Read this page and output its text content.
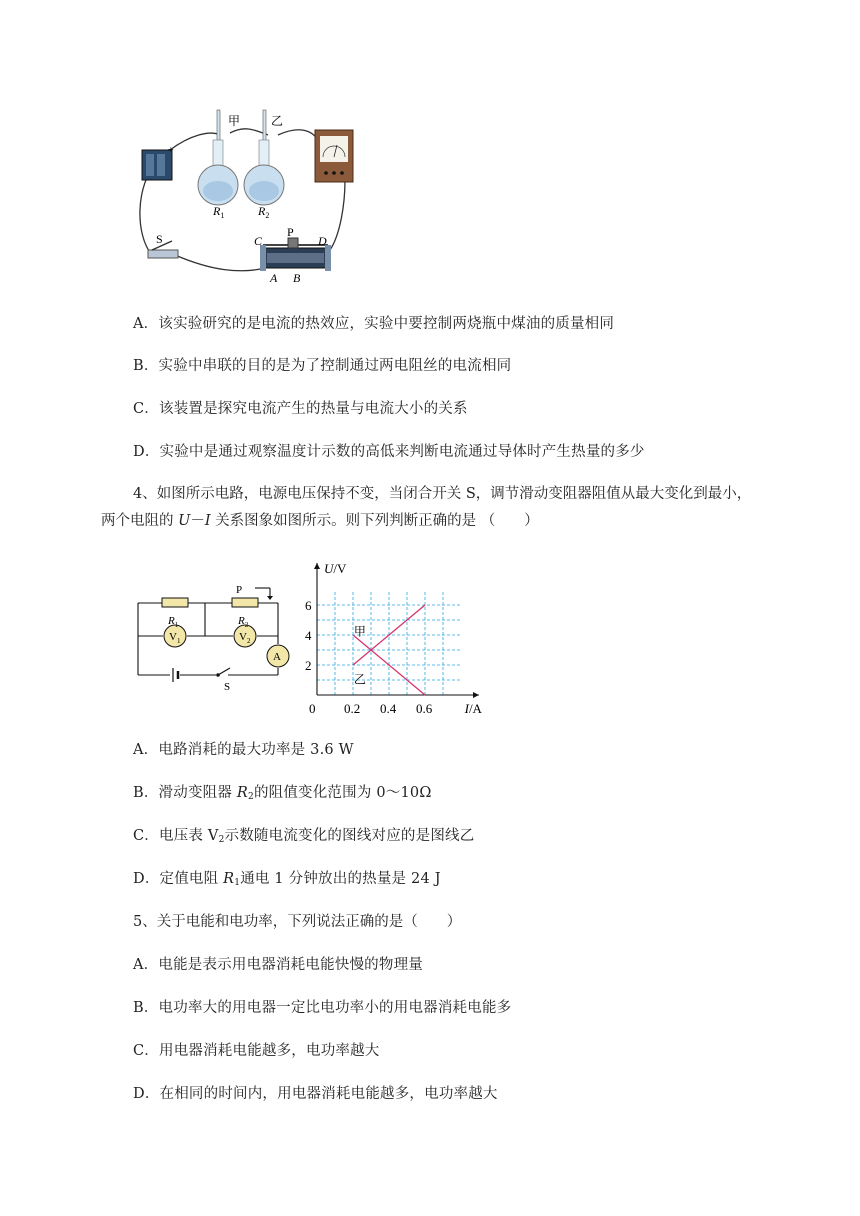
+
甲	乙
$R_1$	$R_2$
S	C
P
D
A B
A．该实验研究的是电流的热效应，实验中要控制两烧瓶中煤油的质量相同
B．实验中串联的目的是为了控制通过两电阻丝的电流相同
C．该装置是探究电流产生的热量与电流大小的关系
D．实验中是通过观察温度计示数的高低来判断电流通过导体时产生热量的多少
4、如图所示电路，电源电压保持不变，当闭合开关 S，调节滑动变阻器阻值从最大变化到最小，
两个电阻的 U－I 关系图象如图所示。则下列判断正确的是 （　　）
$R_1$	$R_2$
P
$V_1$	$V_2$
A
S
U/V
I/A
2
4
6
0 0.2 0.4 0.6
甲
乙
A．电路消耗的最大功率是 3.6 W
B．滑动变阻器 $R_2$的阻值变化范围为 0～10Ω
C．电压表 $V_2$示数随电流变化的图线对应的是图线乙
D．定值电阻 $R_1$通电 1 分钟放出的热量是 24 J
5、关于电能和电功率，下列说法正确的是（　　）
A．电能是表示用电器消耗电能快慢的物理量
B．电功率大的用电器一定比电功率小的用电器消耗电能多
C．用电器消耗电能越多，电功率越大
D．在相同的时间内，用电器消耗电能越多，电功率越大
